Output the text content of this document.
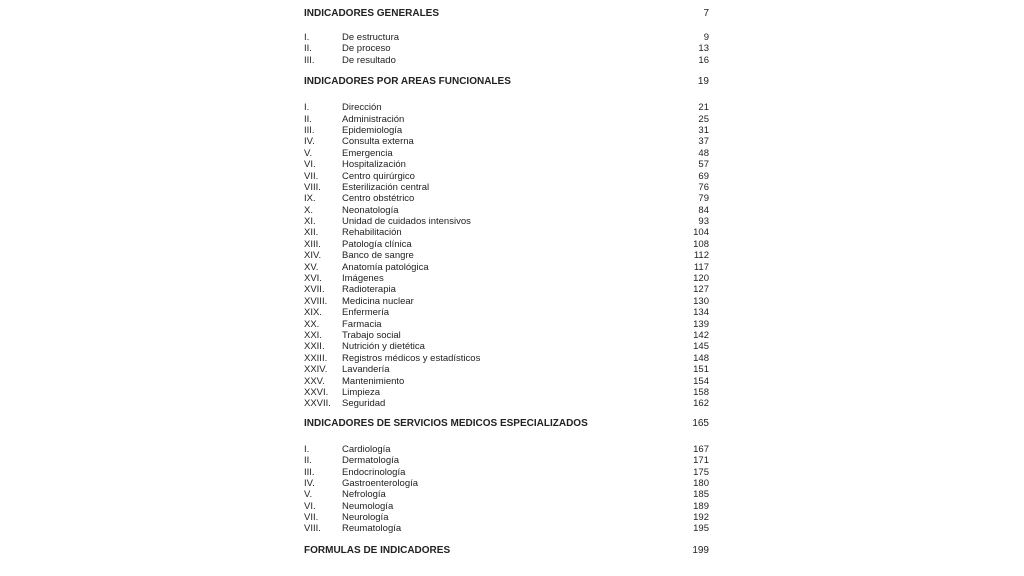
INDICADORES GENERALES	7
I.	De estructura	9
II.	De proceso	13
III.	De resultado	16
INDICADORES POR AREAS FUNCIONALES	19
I.	Dirección	21
II.	Administración	25
III.	Epidemiología	31
IV.	Consulta externa	37
V.	Emergencia	48
VI.	Hospitalización	57
VII.	Centro quirúrgico	69
VIII.	Esterilización central	76
IX.	Centro obstétrico	79
X.	Neonatología	84
XI.	Unidad de cuidados intensivos	93
XII.	Rehabilitación	104
XIII.	Patología clínica	108
XIV.	Banco de sangre	112
XV.	Anatomía patológica	117
XVI.	Imágenes	120
XVII.	Radioterapia	127
XVIII.	Medicina nuclear	130
XIX.	Enfermería	134
XX.	Farmacia	139
XXI.	Trabajo social	142
XXII.	Nutrición y dietética	145
XXIII.	Registros médicos y estadísticos	148
XXIV.	Lavandería	151
XXV.	Mantenimiento	154
XXVI.	Limpieza	158
XXVII.	Seguridad	162
INDICADORES DE SERVICIOS MEDICOS ESPECIALIZADOS	165
I.	Cardiología	167
II.	Dermatología	171
III.	Endocrinología	175
IV.	Gastroenterología	180
V.	Nefrología	185
VI.	Neumología	189
VII.	Neurología	192
VIII.	Reumatología	195
FORMULAS DE INDICADORES	199
